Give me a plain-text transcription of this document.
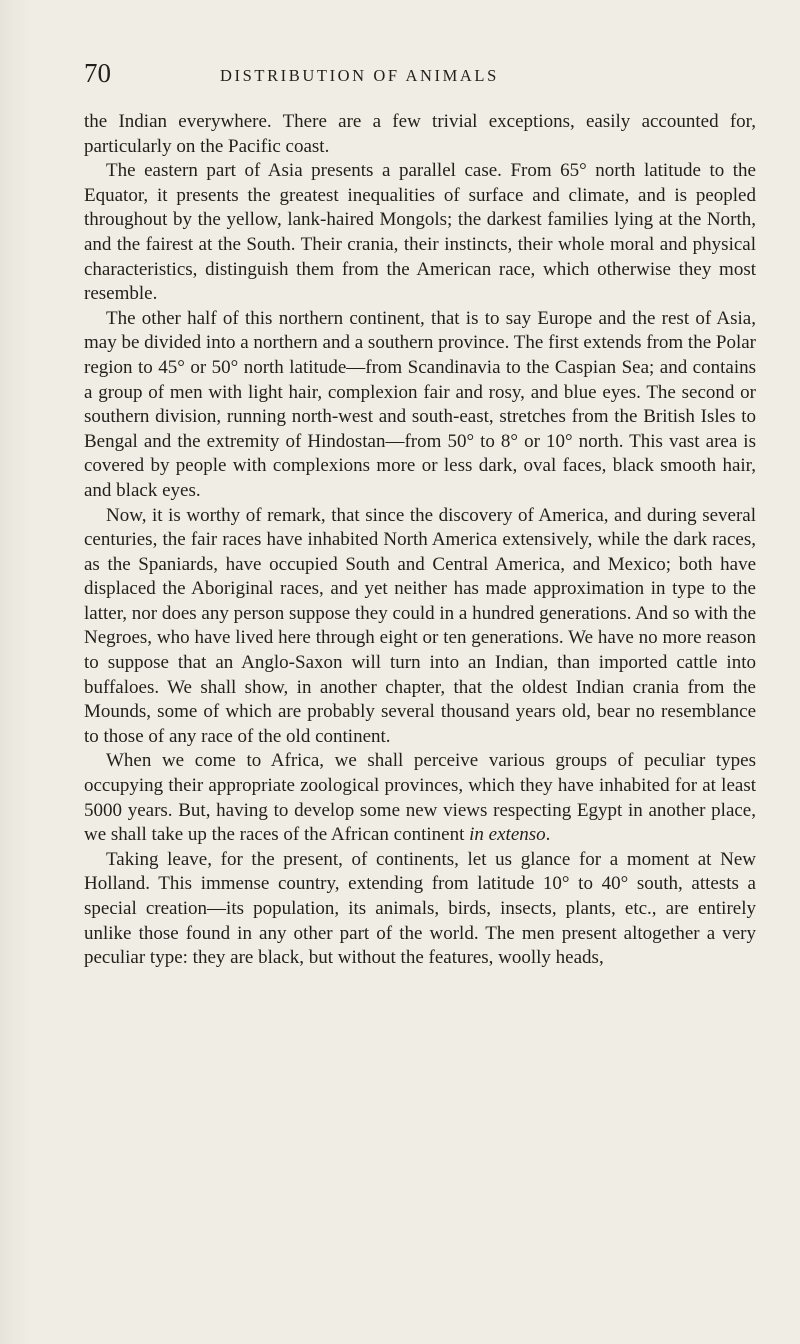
70	DISTRIBUTION OF ANIMALS

the Indian everywhere. There are a few trivial exceptions, easily accounted for, particularly on the Pacific coast.

The eastern part of Asia presents a parallel case. From 65° north latitude to the Equator, it presents the greatest inequalities of surface and climate, and is peopled throughout by the yellow, lank-haired Mongols; the darkest families lying at the North, and the fairest at the South. Their crania, their instincts, their whole moral and physical characteristics, distinguish them from the American race, which otherwise they most resemble.

The other half of this northern continent, that is to say Europe and the rest of Asia, may be divided into a northern and a southern province. The first extends from the Polar region to 45° or 50° north latitude—from Scandinavia to the Caspian Sea; and contains a group of men with light hair, complexion fair and rosy, and blue eyes. The second or southern division, running north-west and south-east, stretches from the British Isles to Bengal and the extremity of Hindostan—from 50° to 8° or 10° north. This vast area is covered by people with complexions more or less dark, oval faces, black smooth hair, and black eyes.

Now, it is worthy of remark, that since the discovery of America, and during several centuries, the fair races have inhabited North America extensively, while the dark races, as the Spaniards, have occupied South and Central America, and Mexico; both have displaced the Aboriginal races, and yet neither has made approximation in type to the latter, nor does any person suppose they could in a hundred generations. And so with the Negroes, who have lived here through eight or ten generations. We have no more reason to suppose that an Anglo-Saxon will turn into an Indian, than imported cattle into buffaloes. We shall show, in another chapter, that the oldest Indian crania from the Mounds, some of which are probably several thousand years old, bear no resemblance to those of any race of the old continent.

When we come to Africa, we shall perceive various groups of peculiar types occupying their appropriate zoological provinces, which they have inhabited for at least 5000 years. But, having to develop some new views respecting Egypt in another place, we shall take up the races of the African continent in extenso.

Taking leave, for the present, of continents, let us glance for a moment at New Holland. This immense country, extending from latitude 10° to 40° south, attests a special creation—its population, its animals, birds, insects, plants, etc., are entirely unlike those found in any other part of the world. The men present altogether a very peculiar type: they are black, but without the features, woolly heads,
